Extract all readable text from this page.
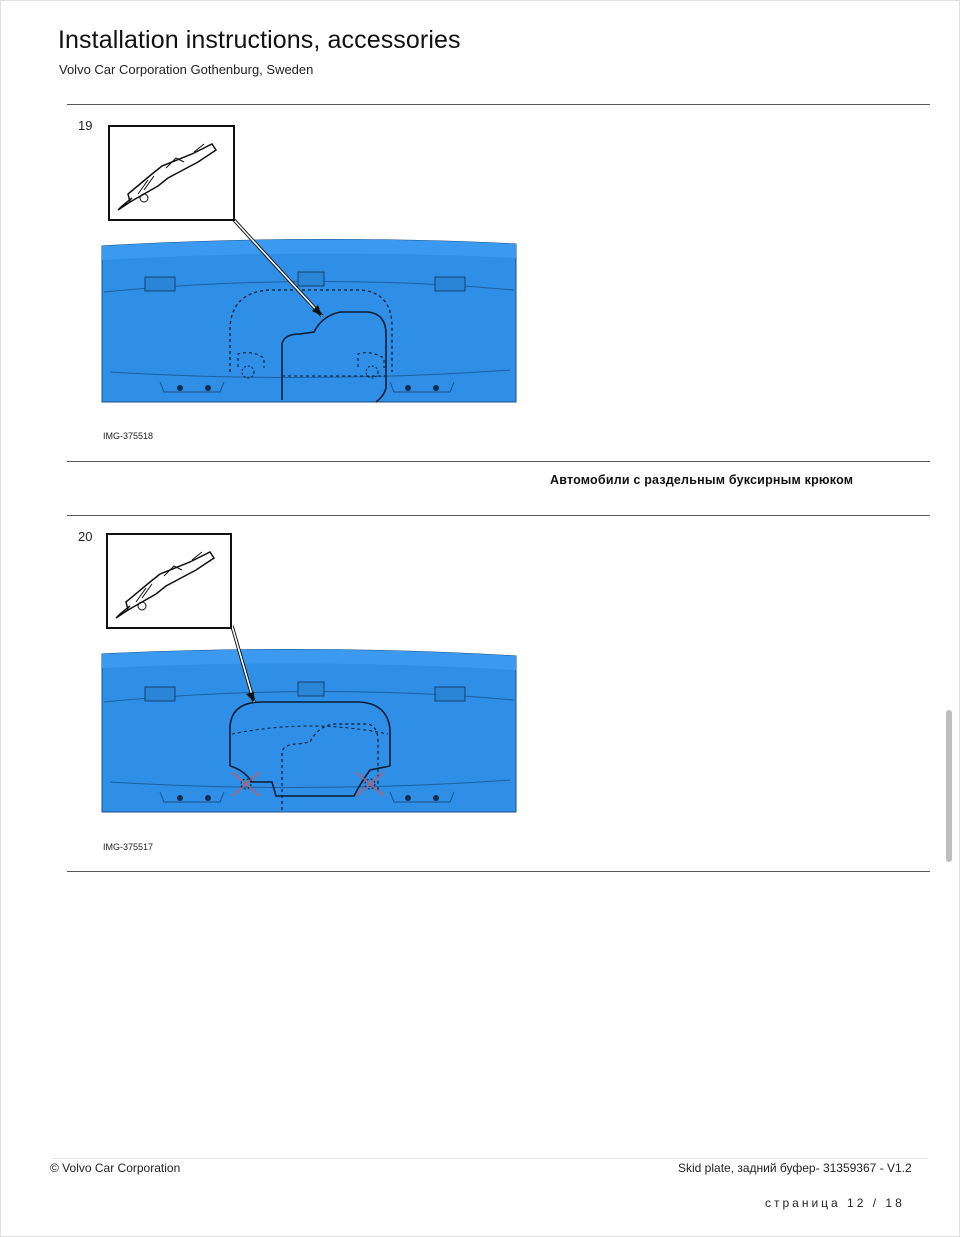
Installation instructions, accessories
Volvo Car Corporation Gothenburg, Sweden
19
IMG-375518
Автомобили с раздельным буксирным крюком
20
IMG-375517
© Volvo Car Corporation	Skid plate, задний буфер- 31359367 - V1.2
страница 12 / 18
